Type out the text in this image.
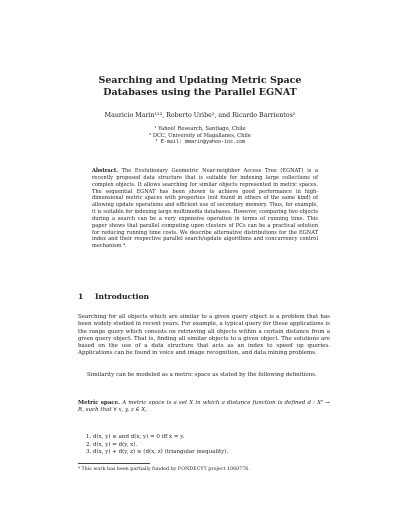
Searching and Updating Metric Space
Databases using the Parallel EGNAT
Mauricio Marin¹²³, Roberto Uribe², and Ricardo Barrientos²
¹ Yahoo! Research, Santiago, Chile
² DCC, University of Magallanes, Chile
³ E-mail: mmarin@yahoo-inc.com
Abstract. The Evolutionary Geometric Near-neighbor Access Tree (EGNAT) is a recently proposed data structure that is suitable for indexing large collections of complex objects. It allows searching for similar objects represented in metric spaces. The sequential EGNAT has been shown to achieve good performance in high-dimensional metric spaces with properties (not found in others of the same kind) of allowing update operations and efficient use of secondary memory. Thus, for example, it is suitable for indexing large multimedia databases. However, comparing two objects during a search can be a very expensive operation in terms of running time. This paper shows that parallel computing upon clusters of PCs can be a practical solution for reducing running time costs. We describe alternative distributions for the EGNAT index and their respective parallel search/update algorithms and concurrency control mechanism ⁴.
1 Introduction
Searching for all objects which are similar to a given query object is a problem that has been widely studied in recent years. For example, a typical query for these applications is the range query which consists on retrieving all objects within a certain distance from a given query object. That is, finding all similar objects to a given object. The solutions are based on the use of a data structure that acts as an index to speed up queries. Applications can be found in voice and image recognition, and data mining problems.
Similarity can be modeled as a metric space as stated by the following definitions.
Metric space. A metric space is a set X in which a distance function is defined d : X² → R, such that ∀ x, y, z ∈ X,
1. d(x, y) ≥ and d(x, y) = 0 iff x = y.
2. d(x, y) = d(y, x).
3. d(x, y) + d(y, z) ≥ (d(x, z) (triangular inequality).
⁴ This work has been partially funded by FONDECYT project 1060776.
